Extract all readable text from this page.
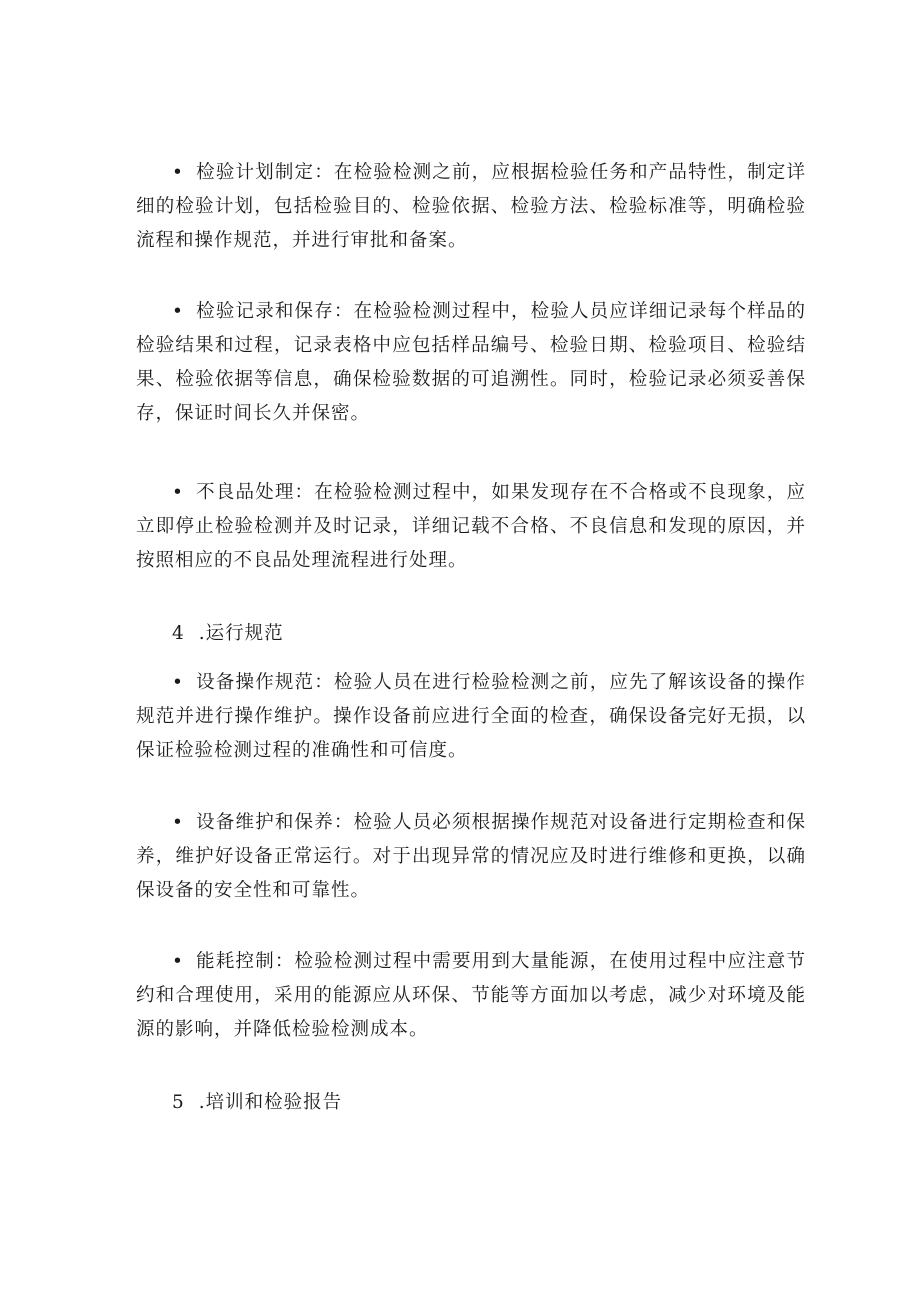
• 检验计划制定：在检验检测之前，应根据检验任务和产品特性，制定详细的检验计划，包括检验目的、检验依据、检验方法、检验标准等，明确检验流程和操作规范，并进行审批和备案。

• 检验记录和保存：在检验检测过程中，检验人员应详细记录每个样品的检验结果和过程，记录表格中应包括样品编号、检验日期、检验项目、检验结果、检验依据等信息，确保检验数据的可追溯性。同时，检验记录必须妥善保存，保证时间长久并保密。

• 不良品处理：在检验检测过程中，如果发现存在不合格或不良现象，应立即停止检验检测并及时记录，详细记载不合格、不良信息和发现的原因，并按照相应的不良品处理流程进行处理。

4 .运行规范

• 设备操作规范：检验人员在进行检验检测之前，应先了解该设备的操作规范并进行操作维护。操作设备前应进行全面的检查，确保设备完好无损，以保证检验检测过程的准确性和可信度。

• 设备维护和保养：检验人员必须根据操作规范对设备进行定期检查和保养，维护好设备正常运行。对于出现异常的情况应及时进行维修和更换，以确保设备的安全性和可靠性。

• 能耗控制：检验检测过程中需要用到大量能源，在使用过程中应注意节约和合理使用，采用的能源应从环保、节能等方面加以考虑，减少对环境及能源的影响，并降低检验检测成本。

5 .培训和检验报告
